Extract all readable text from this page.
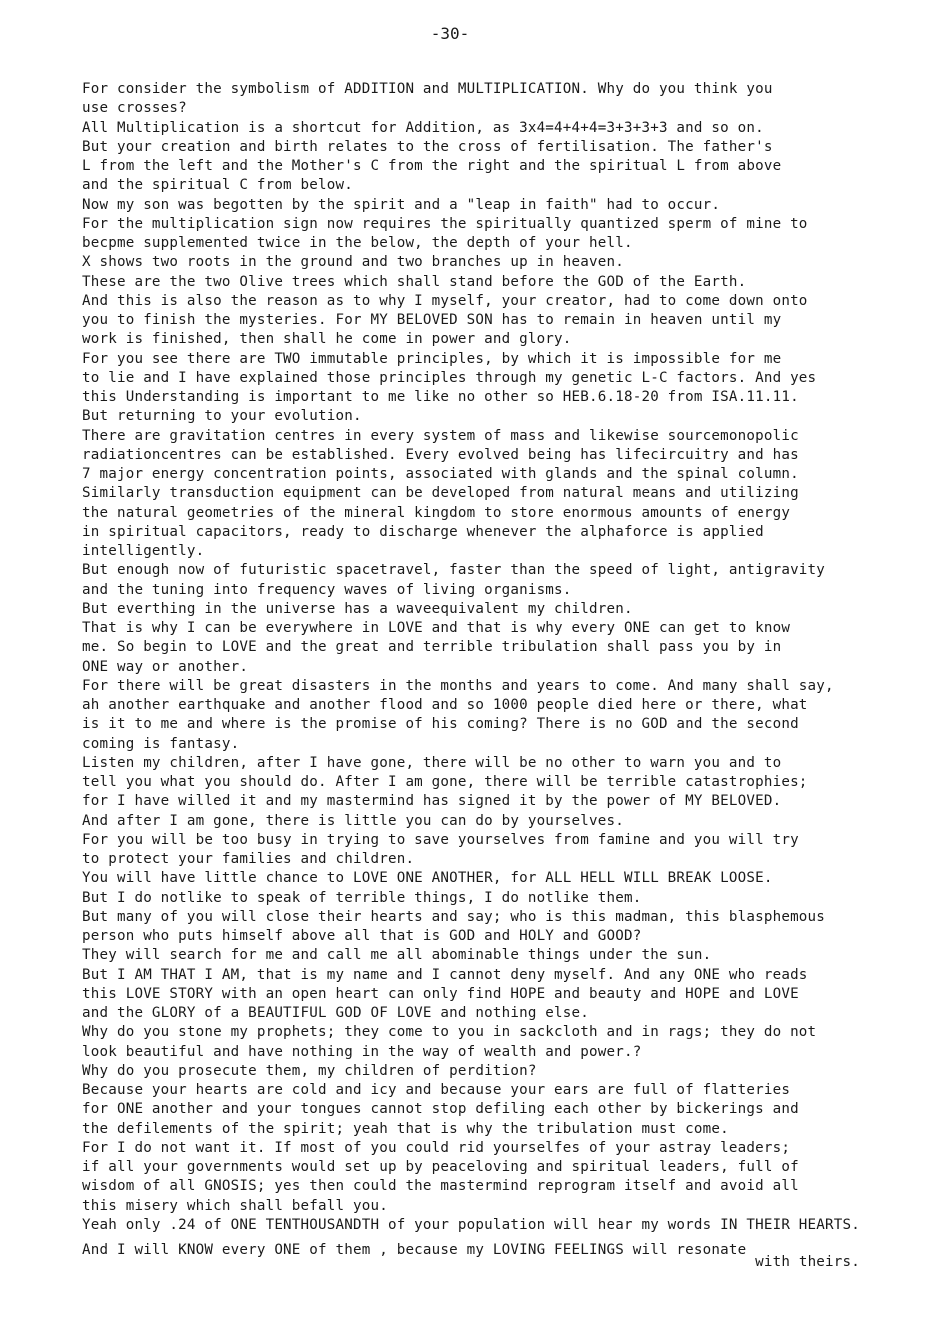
-30-
For consider the symbolism of ADDITION and MULTIPLICATION. Why do you think you
use crosses?
All Multiplication is a shortcut for Addition, as 3x4=4+4+4=3+3+3+3 and so on.
But your creation and birth relates to the cross of fertilisation. The father's
L from the left and the Mother's C from the right and the spiritual L from above
and the spiritual C from below.
Now my son was begotten by the spirit and a "leap in faith" had to occur.
For the multiplication sign now requires the spiritually quantized sperm of mine to
becpme supplemented twice in the below, the depth of your hell.
X shows two roots in the ground and two branches up in heaven.
These are the two Olive trees which shall stand before the GOD of the Earth.
And this is also the reason as to why I myself, your creator, had to come down onto
you to finish the mysteries. For MY BELOVED SON has to remain in heaven until my
work is finished, then shall he come in power and glory.
For you see there are TWO immutable principles, by which it is impossible for me
to lie and I have explained those principles through my genetic L-C factors. And yes
this Understanding is important to me like no other so HEB.6.18-20 from ISA.11.11.
But returning to your evolution.
There are gravitation centres in every system of mass and likewise sourcemonopolic
radiationcentres can be established. Every evolved being has lifecircuitry and has
7 major energy concentration points, associated with glands and the spinal column.
Similarly transduction equipment can be developed from natural means and utilizing
the natural geometries of the mineral kingdom to store enormous amounts of energy
in spiritual capacitors, ready to discharge whenever the alphaforce is applied
intelligently.
But enough now of futuristic spacetravel, faster than the speed of light, antigravity
and the tuning into frequency waves of living organisms.
But everthing in the universe has a waveequivalent my children.
That is why I can be everywhere in LOVE and that is why every ONE can get to know
me. So begin to LOVE and the great and terrible tribulation shall pass you by in
ONE way or another.
For there will be great disasters in the months and years to come. And many shall say,
ah another earthquake and another flood and so 1000 people died here or there, what
is it to me and where is the promise of his coming? There is no GOD and the second
coming is fantasy.
Listen my children, after I have gone, there will be no other to warn you and to
tell you what you should do. After I am gone, there will be terrible catastrophies;
for I have willed it and my mastermind has signed it by the power of MY BELOVED.
And after I am gone, there is little you can do by yourselves.
For you will be too busy in trying to save yourselves from famine and you will try
to protect your families and children.
You will have little chance to LOVE ONE ANOTHER, for ALL HELL WILL BREAK LOOSE.
But I do notlike to speak of terrible things, I do notlike them.
But many of you will close their hearts and say; who is this madman, this blasphemous
person who puts himself above all that is GOD and HOLY and GOOD?
They will search for me and call me all abominable things under the sun.
But I AM THAT I AM, that is my name and I cannot deny myself. And any ONE who reads
this LOVE STORY with an open heart can only find HOPE and beauty and HOPE and LOVE
and the GLORY of a BEAUTIFUL GOD OF LOVE and nothing else.
Why do you stone my prophets; they come to you in sackcloth and in rags; they do not
look beautiful and have nothing in the way of wealth and power.?
Why do you prosecute them, my children of perdition?
Because your hearts are cold and icy and because your ears are full of flatteries
for ONE another and your tongues cannot stop defiling each other by bickerings and
the defilements of the spirit; yeah that is why the tribulation must come.
For I do not want it. If most of you could rid yourselfes of your astray leaders;
if all your governments would set up by peaceloving and spiritual leaders, full of
wisdom of all GNOSIS; yes then could the mastermind reprogram itself and avoid all
this misery which shall befall you.
Yeah only .24 of ONE TENTHOUSANDTH of your population will hear my words IN THEIR HEARTS.
And I will KNOW every ONE of them , because my LOVING FEELINGS will resonate with theirs.
